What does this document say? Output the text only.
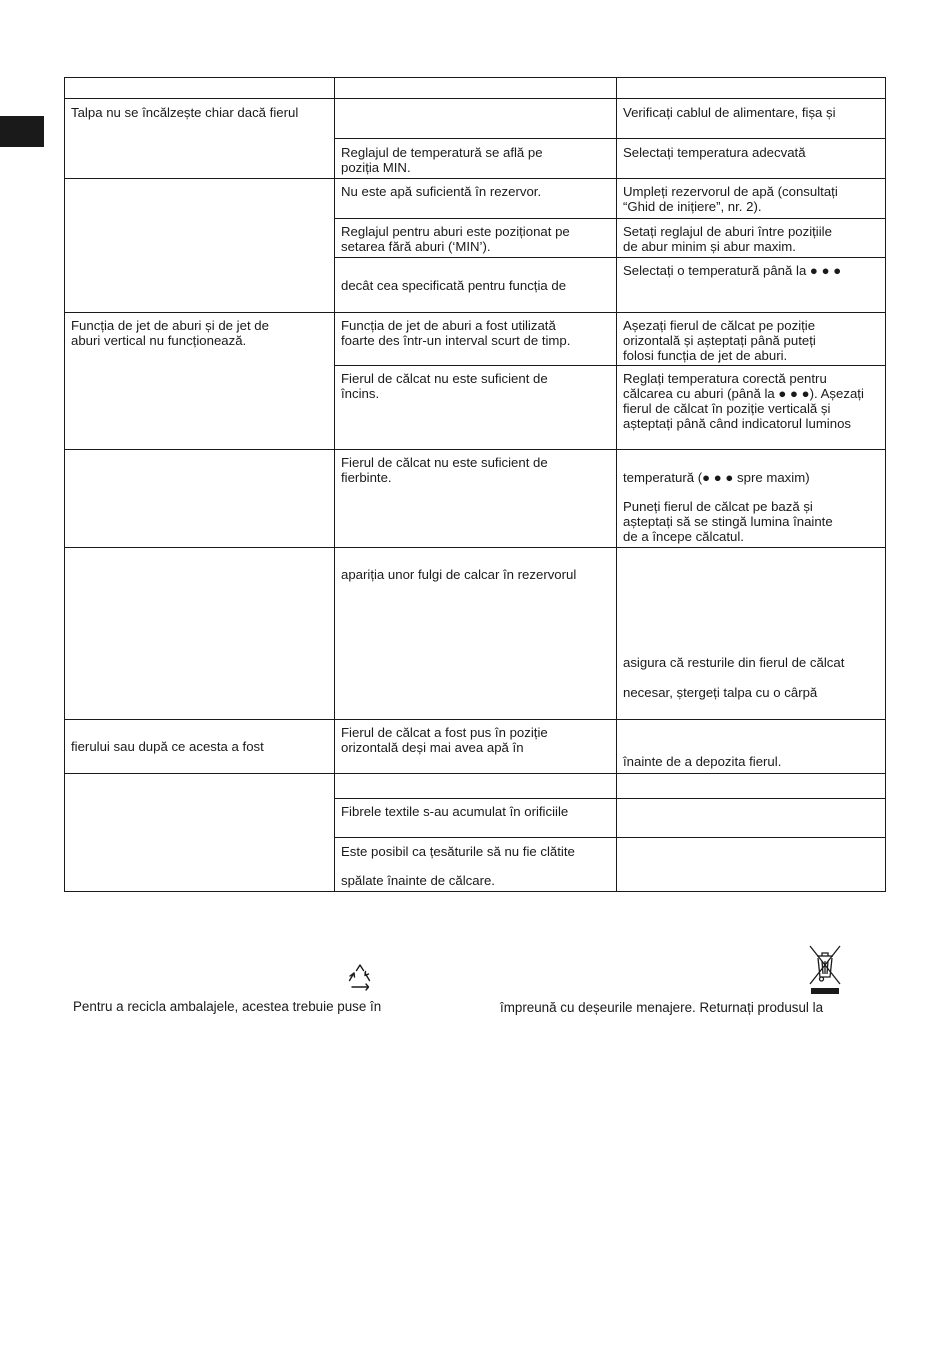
Talpa nu se încălzește chiar dacă fierul		Verificați cablul de alimentare, fișa și

	Reglajul de temperatură se află pe
poziția MIN.	Selectați temperatura adecvată

	Nu este apă suficientă în rezervor.	Umpleți rezervorul de apă (consultați
“Ghid de inițiere”, nr. 2).

	Reglajul pentru aburi este poziționat pe
setarea fără aburi (‘MIN’).	Setați reglajul de aburi între pozițiile
de abur minim și abur maxim.

	decât cea specificată pentru funcția de	Selectați o temperatură până la ● ● ●

Funcția de jet de aburi și de jet de
aburi vertical nu funcționează.	Funcția de jet de aburi a fost utilizată
foarte des într-un interval scurt de timp.	Așezați fierul de călcat pe poziție
orizontală și așteptați până puteți
folosi funcția de jet de aburi.

	Fierul de călcat nu este suficient de
încins.	Reglați temperatura corectă pentru
călcarea cu aburi (până la ● ● ●). Așezați
fierul de călcat în poziție verticală și
așteptați până când indicatorul luminos

	Fierul de călcat nu este suficient de
fierbinte.	temperatură (● ● ● spre maxim)
Puneți fierul de călcat pe bază și
așteptați să se stingă lumina înainte
de a începe călcatul.

	apariția unor fulgi de calcar în rezervorul	asigura că resturile din fierul de călcat
necesar, ștergeți talpa cu o cârpă

fierului sau după ce acesta a fost	Fierul de călcat a fost pus în poziție
orizontală deși mai avea apă în	înainte de a depozita fierul.

	Fibrele textile s-au acumulat în orificiile	

	Este posibil ca țesăturile să nu fie clătite
spălate înainte de călcare.	

Pentru a recicla ambalajele, acestea trebuie puse în	împreună cu deșeurile menajere. Returnați produsul la
